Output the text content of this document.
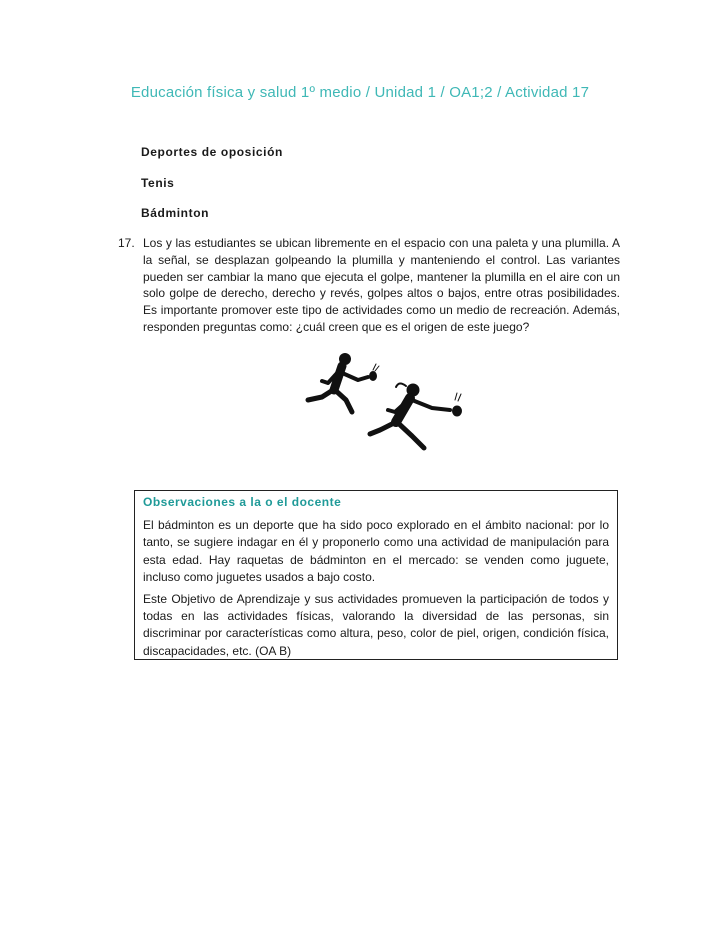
Educación física y salud 1º medio / Unidad 1 / OA1;2 / Actividad 17
Deportes de oposición
Tenis
Bádminton
17. Los y las estudiantes se ubican libremente en el espacio con una paleta y una plumilla. A la señal, se desplazan golpeando la plumilla y manteniendo el control. Las variantes pueden ser cambiar la mano que ejecuta el golpe, mantener la plumilla en el aire con un solo golpe de derecho, derecho y revés, golpes altos o bajos, entre otras posibilidades. Es importante promover este tipo de actividades como un medio de recreación. Además, responden preguntas como: ¿cuál creen que es el origen de este juego?
Observaciones a la o el docente

El bádminton es un deporte que ha sido poco explorado en el ámbito nacional: por lo tanto, se sugiere indagar en él y proponerlo como una actividad de manipulación para esta edad. Hay raquetas de bádminton en el mercado: se venden como juguete, incluso como juguetes usados a bajo costo.

Este Objetivo de Aprendizaje y sus actividades promueven la participación de todos y todas en las actividades físicas, valorando la diversidad de las personas, sin discriminar por características como altura, peso, color de piel, origen, condición física, discapacidades, etc. (OA B)
